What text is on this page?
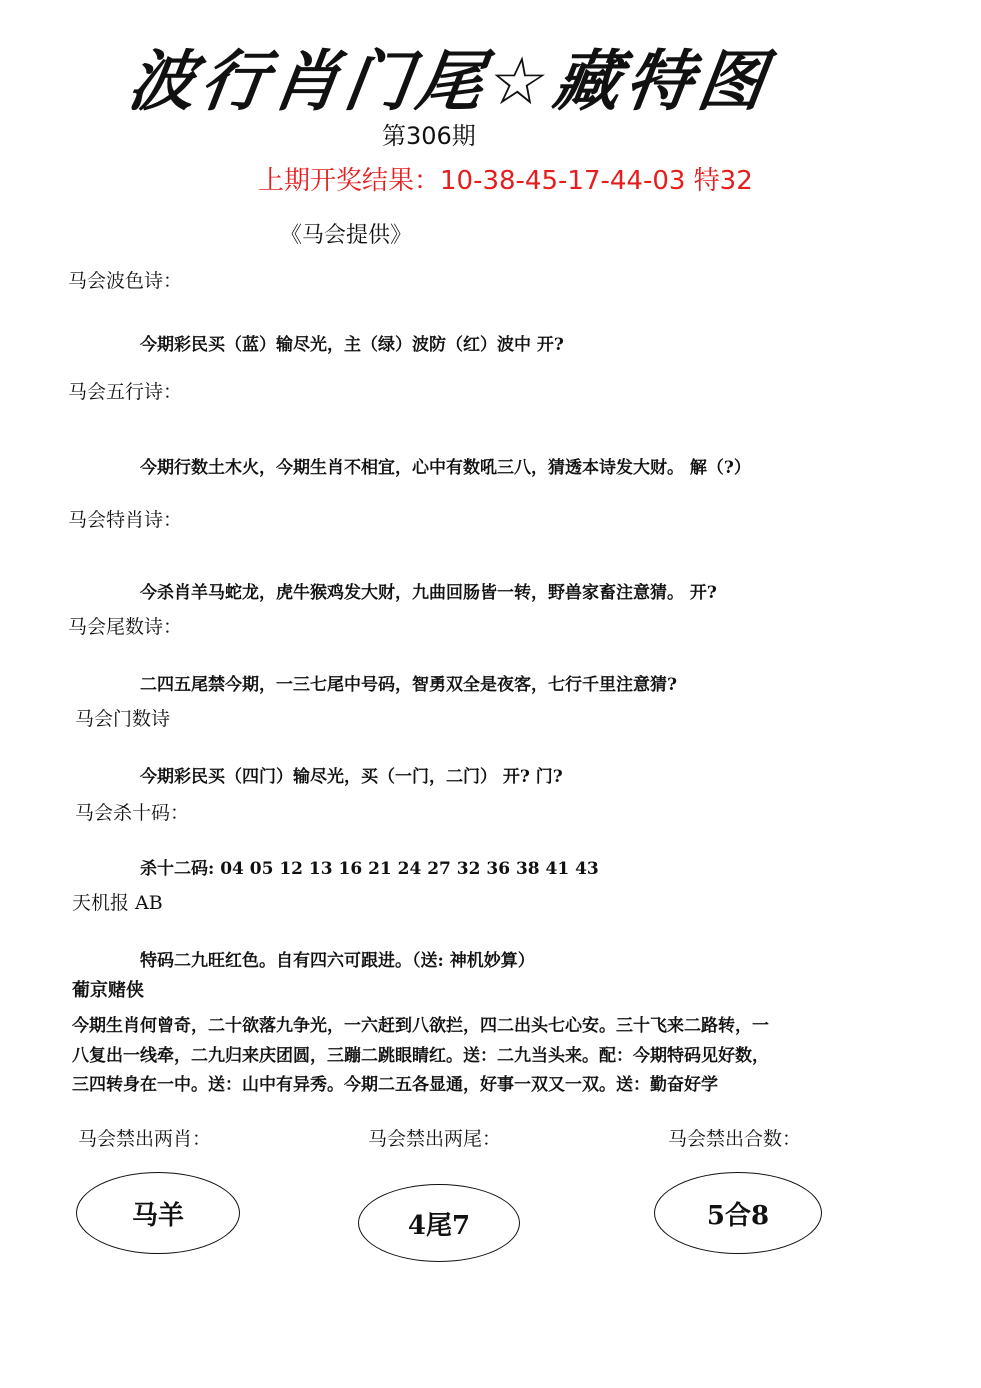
波行肖门尾☆藏特图
第306期
上期开奖结果：10-38-45-17-44-03 特32
《马会提供》
马会波色诗：
今期彩民买（蓝）输尽光，主（绿）波防（红）波中 开?
马会五行诗：
今期行数土木火，今期生肖不相宜，心中有数吼三八，猜透本诗发大财。 解（?）
马会特肖诗：
今杀肖羊马蛇龙，虎牛猴鸡发大财，九曲回肠皆一转，野兽家畜注意猜。 开?
马会尾数诗：
二四五尾禁今期，一三七尾中号码，智勇双全是夜客，七行千里注意猜?
马会门数诗
今期彩民买（四门）输尽光，买（一门，二门） 开? 门?
马会杀十码：
杀十二码: 04 05 12 13 16 21 24 27 32 36 38 41 43
天机报 AB
特码二九旺红色。自有四六可跟进。（送: 神机妙算）
葡京赌侠
今期生肖何曾奇，二十欲落九争光，一六赶到八欲拦，四二出头七心安。三十飞来二路转，一
八复出一线牵，二九归来庆团圆，三蹦二跳眼睛红。送：二九当头来。配：今期特码见好数，
三四转身在一中。送：山中有异秀。今期二五各显通，好事一双又一双。送：勤奋好学
马会禁出两肖：	马会禁出两尾：	马会禁出合数：
马羊	4尾7	5合8
